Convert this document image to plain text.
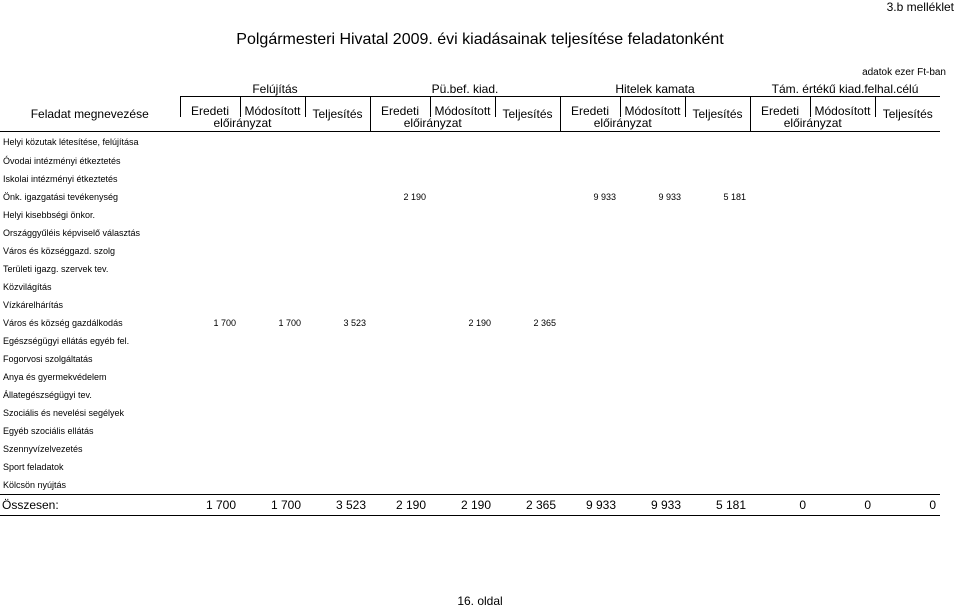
3.b melléklet
Polgármesteri Hivatal 2009. évi kiadásainak teljesítése feladatonként
adatok ezer Ft-ban
	Felújítás			Pü.bef. kiad.			Hitelek kamata			Tám. értékű kiad.felhal.célú		
Feladat megnevezése	Eredeti	Módosított	Teljesítés	Eredeti	Módosított	Teljesítés	Eredeti	Módosított	Teljesítés	Eredeti	Módosított	Teljesítés
	előirányzat			előirányzat			előirányzat			előirányzat		
Helyi közutak létesítése, felújítása												
Óvodai intézményi étkeztetés												
Iskolai intézményi étkeztetés												
Önk. igazgatási tevékenység				2 190			9 933	9 933	5 181			
Helyi kisebbségi önkor.												
Országgyűléis képviselő választás												
Város és községgazd. szolg												
Területi igazg. szervek tev.												
Közvilágítás												
Vízkárelhárítás												
Város és község gazdálkodás	1 700	1 700	3 523		2 190	2 365						
Egészségügyi ellátás egyéb fel.												
Fogorvosi szolgáltatás												
Anya és gyermekvédelem												
Állategészségügyi tev.												
Szociális és nevelési segélyek												
Egyéb szociális ellátás												
Szennyvízelvezetés												
Sport feladatok												
Kölcsön nyújtás												
Összesen:	1 700	1 700	3 523	2 190	2 190	2 365	9 933	9 933	5 181	0	0	0
16. oldal
